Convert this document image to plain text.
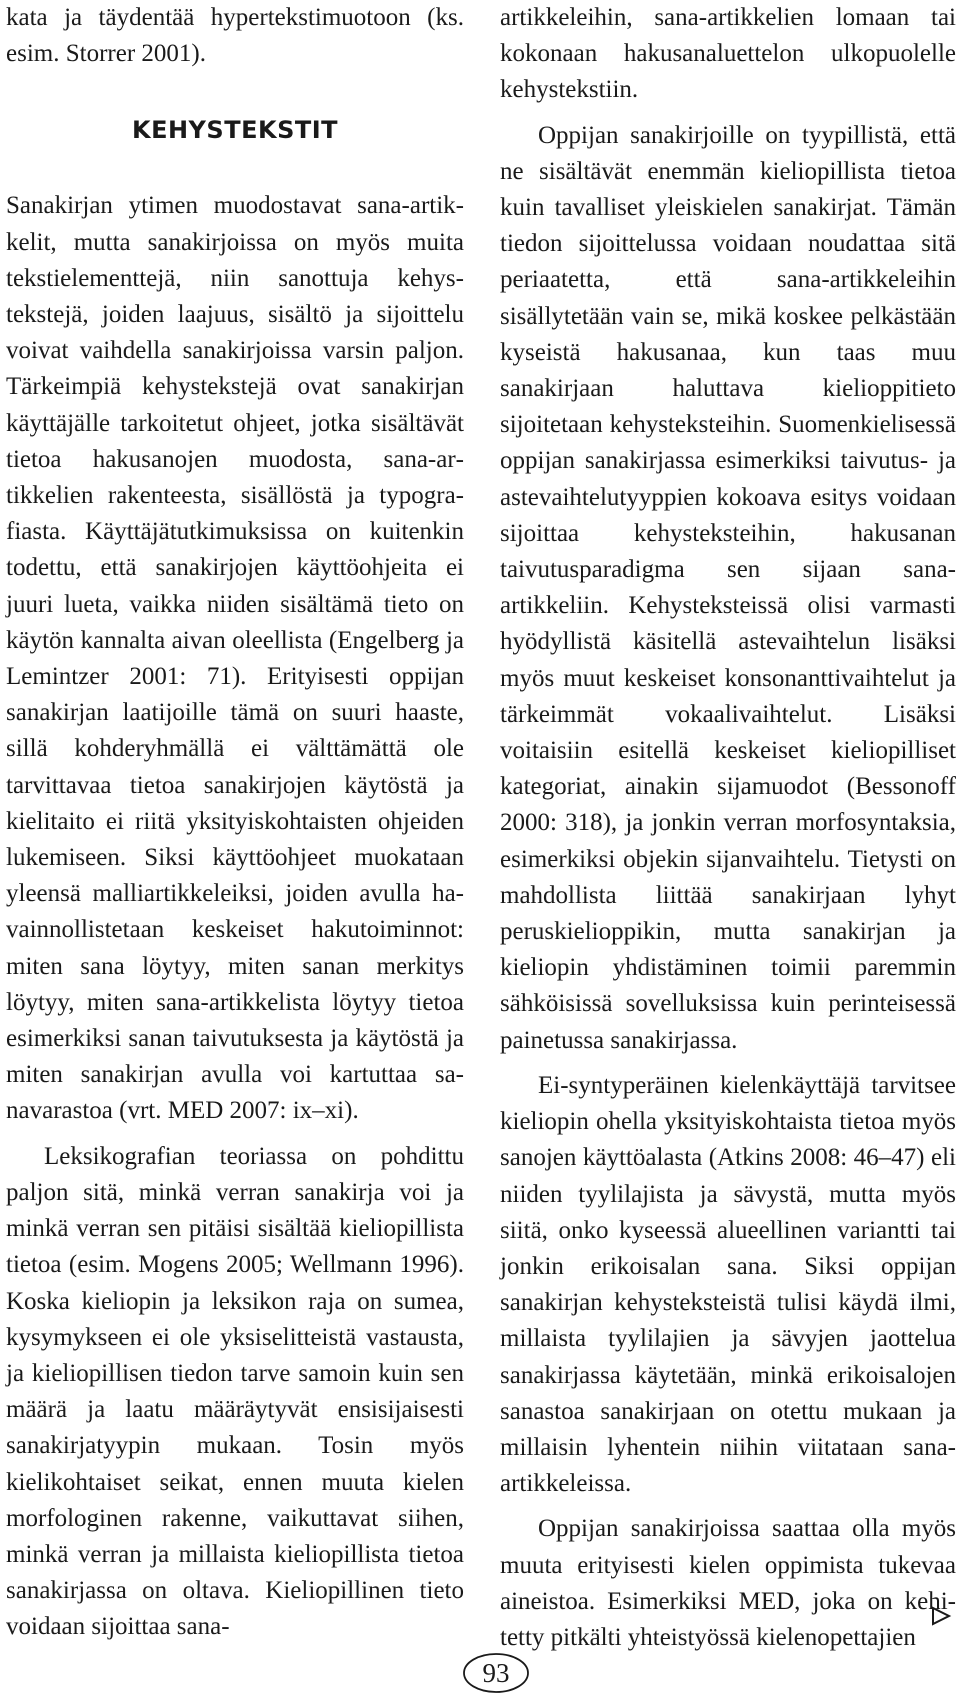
kata ja täydentää hypertekstimuotoon (ks. esim. Storrer 2001).

KEHYSTEKSTIT

Sanakirjan ytimen muodostavat sana-artikkelit, mutta sanakirjoissa on myös muita tekstielementtejä, niin sanottuja kehystekstejä, joiden laajuus, sisältö ja sijoittelu voivat vaihdella sanakirjoissa varsin paljon. Tärkeimpiä kehystekstejä ovat sanakirjan käyttäjälle tarkoitetut ohjeet, jotka sisältävät tietoa hakusanojen muodosta, sana-artikkelien rakenteesta, sisällöstä ja typografiasta. Käyttäjätutkimuksissa on kuitenkin todettu, että sanakirjojen käyttöohjeita ei juuri lueta, vaikka niiden sisältämä tieto on käytön kannalta aivan oleellista (Engelberg ja Lemintzer 2001: 71). Erityisesti oppijan sanakirjan laatijoille tämä on suuri haaste, sillä kohderyhmällä ei välttämättä ole tarvittavaa tietoa sanakirjojen käytöstä ja kielitaito ei riitä yksityiskohtaisten ohjeiden lukemiseen. Siksi käyttöohjeet muokataan yleensä malliartikkeleiksi, joiden avulla havainnollistetaan keskeiset hakutoiminnot: miten sana löytyy, miten sanan merkitys löytyy, miten sana-artikkelista löytyy tietoa esimerkiksi sanan taivutuksesta ja käytöstä ja miten sanakirjan avulla voi kartuttaa sanavarastoa (vrt. MED 2007: ix–xi).

Leksikografian teoriassa on pohdittu paljon sitä, minkä verran sanakirja voi ja minkä verran sen pitäisi sisältää kieliopillista tietoa (esim. Mogens 2005; Wellmann 1996). Koska kieliopin ja leksikon raja on sumea, kysymykseen ei ole yksiselitteistä vastausta, ja kieliopillisen tiedon tarve samoin kuin sen määrä ja laatu määräytyvät ensisijaisesti sanakirjatyypin mukaan. Tosin myös kielikohtaiset seikat, ennen muuta kielen morfologinen rakenne, vaikuttavat siihen, minkä verran ja millaista kieliopillista tietoa sanakirjassa on oltava. Kieliopillinen tieto voidaan sijoittaa sana-

artikkeleihin, sana-artikkelien lomaan tai kokonaan hakusanaluettelon ulkopuolelle kehystekstiin.

Oppijan sanakirjoille on tyypillistä, että ne sisältävät enemmän kieliopillista tietoa kuin tavalliset yleiskielen sanakirjat. Tämän tiedon sijoittelussa voidaan noudattaa sitä periaatetta, että sana-artikkeleihin sisällytetään vain se, mikä koskee pelkästään kyseistä hakusanaa, kun taas muu sanakirjaan haluttava kielioppitieto sijoitetaan kehysteksteihin. Suomenkielisessä oppijan sanakirjassa esimerkiksi taivutus- ja astevaihtelutyyppien kokoava esitys voidaan sijoittaa kehysteksteihin, hakusanan taivutusparadigma sen sijaan sana-artikkeliin. Kehysteksteissä olisi varmasti hyödyllistä käsitellä astevaihtelun lisäksi myös muut keskeiset konsonanttivaihtelut ja tärkeimmät vokaalivaihtelut. Lisäksi voitaisiin esitellä keskeiset kieliopilliset kategoriat, ainakin sijamuodot (Bessonoff 2000: 318), ja jonkin verran morfosyntaksia, esimerkiksi objekin sijanvaihtelu. Tietysti on mahdollista liittää sanakirjaan lyhyt peruskielioppikin, mutta sanakirjan ja kieliopin yhdistäminen toimii paremmin sähköisissä sovelluksissa kuin perinteisessä painetussa sanakirjassa.

Ei-syntyperäinen kielenkäyttäjä tarvitsee kieliopin ohella yksityiskohtaista tietoa myös sanojen käyttöalasta (Atkins 2008: 46–47) eli niiden tyylilajista ja sävystä, mutta myös siitä, onko kyseessä alueellinen variantti tai jonkin erikoisalan sana. Siksi oppijan sanakirjan kehysteksteistä tulisi käydä ilmi, millaista tyylilajien ja sävyjen jaottelua sanakirjassa käytetään, minkä erikoisalojen sanastoa sanakirjaan on otettu mukaan ja millaisin lyhentein niihin viitataan sana-artikkeleissa.

Oppijan sanakirjoissa saattaa olla myös muuta erityisesti kielen oppimista tukevaa aineistoa. Esimerkiksi MED, joka on kehitetty pitkälti yhteistyössä kielenopettajien

93
